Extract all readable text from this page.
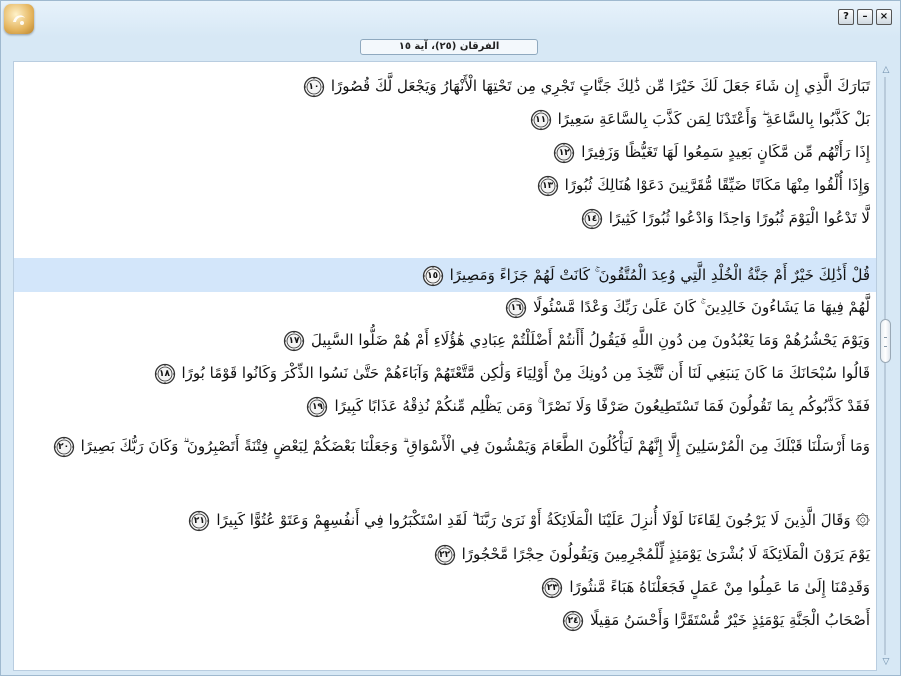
?	–	×
الفرقان (٢٥)، آية ١٥
تَبَارَكَ الَّذِي إِن شَاءَ جَعَلَ لَكَ خَيْرًا مِّن ذَٰلِكَ جَنَّاتٍ تَجْرِي مِن تَحْتِهَا الْأَنْهَارُ وَيَجْعَل لَّكَ قُصُورًا
١٠
بَلْ كَذَّبُوا بِالسَّاعَةِ ۖ وَأَعْتَدْنَا لِمَن كَذَّبَ بِالسَّاعَةِ سَعِيرًا
١١
إِذَا رَأَتْهُم مِّن مَّكَانٍ بَعِيدٍ سَمِعُوا لَهَا تَغَيُّظًا وَزَفِيرًا
١٢
وَإِذَا أُلْقُوا مِنْهَا مَكَانًا ضَيِّقًا مُّقَرَّنِينَ دَعَوْا هُنَالِكَ ثُبُورًا
١٣
لَّا تَدْعُوا الْيَوْمَ ثُبُورًا وَاحِدًا وَادْعُوا ثُبُورًا كَثِيرًا
١٤
قُلْ أَذَٰلِكَ خَيْرٌ أَمْ جَنَّةُ الْخُلْدِ الَّتِي وُعِدَ الْمُتَّقُونَ ۚ كَانَتْ لَهُمْ جَزَاءً وَمَصِيرًا
١٥
لَّهُمْ فِيهَا مَا يَشَاءُونَ خَالِدِينَ ۚ كَانَ عَلَىٰ رَبِّكَ وَعْدًا مَّسْئُولًا
١٦
وَيَوْمَ يَحْشُرُهُمْ وَمَا يَعْبُدُونَ مِن دُونِ اللَّهِ فَيَقُولُ أَأَنتُمْ أَضْلَلْتُمْ عِبَادِي هَٰؤُلَاءِ أَمْ هُمْ ضَلُّوا السَّبِيلَ
١٧
قَالُوا سُبْحَانَكَ مَا كَانَ يَنبَغِي لَنَا أَن نَّتَّخِذَ مِن دُونِكَ مِنْ أَوْلِيَاءَ وَلَٰكِن مَّتَّعْتَهُمْ وَآبَاءَهُمْ حَتَّىٰ نَسُوا الذِّكْرَ وَكَانُوا قَوْمًا بُورًا
١٨
فَقَدْ كَذَّبُوكُم بِمَا تَقُولُونَ فَمَا تَسْتَطِيعُونَ صَرْفًا وَلَا نَصْرًا ۚ وَمَن يَظْلِم مِّنكُمْ نُذِقْهُ عَذَابًا كَبِيرًا
١٩
وَمَا أَرْسَلْنَا قَبْلَكَ مِنَ الْمُرْسَلِينَ إِلَّا إِنَّهُمْ لَيَأْكُلُونَ الطَّعَامَ وَيَمْشُونَ فِي الْأَسْوَاقِ ۗ وَجَعَلْنَا بَعْضَكُمْ لِبَعْضٍ فِتْنَةً أَتَصْبِرُونَ ۗ وَكَانَ رَبُّكَ بَصِيرًا
٢٠
۞ وَقَالَ الَّذِينَ لَا يَرْجُونَ لِقَاءَنَا لَوْلَا أُنزِلَ عَلَيْنَا الْمَلَائِكَةُ أَوْ نَرَىٰ رَبَّنَا ۗ لَقَدِ اسْتَكْبَرُوا فِي أَنفُسِهِمْ وَعَتَوْ عُتُوًّا كَبِيرًا
٢١
يَوْمَ يَرَوْنَ الْمَلَائِكَةَ لَا بُشْرَىٰ يَوْمَئِذٍ لِّلْمُجْرِمِينَ وَيَقُولُونَ حِجْرًا مَّحْجُورًا
٢٢
وَقَدِمْنَا إِلَىٰ مَا عَمِلُوا مِنْ عَمَلٍ فَجَعَلْنَاهُ هَبَاءً مَّنثُورًا
٢٣
أَصْحَابُ الْجَنَّةِ يَوْمَئِذٍ خَيْرٌ مُّسْتَقَرًّا وَأَحْسَنُ مَقِيلًا
٢٤
△
▽
